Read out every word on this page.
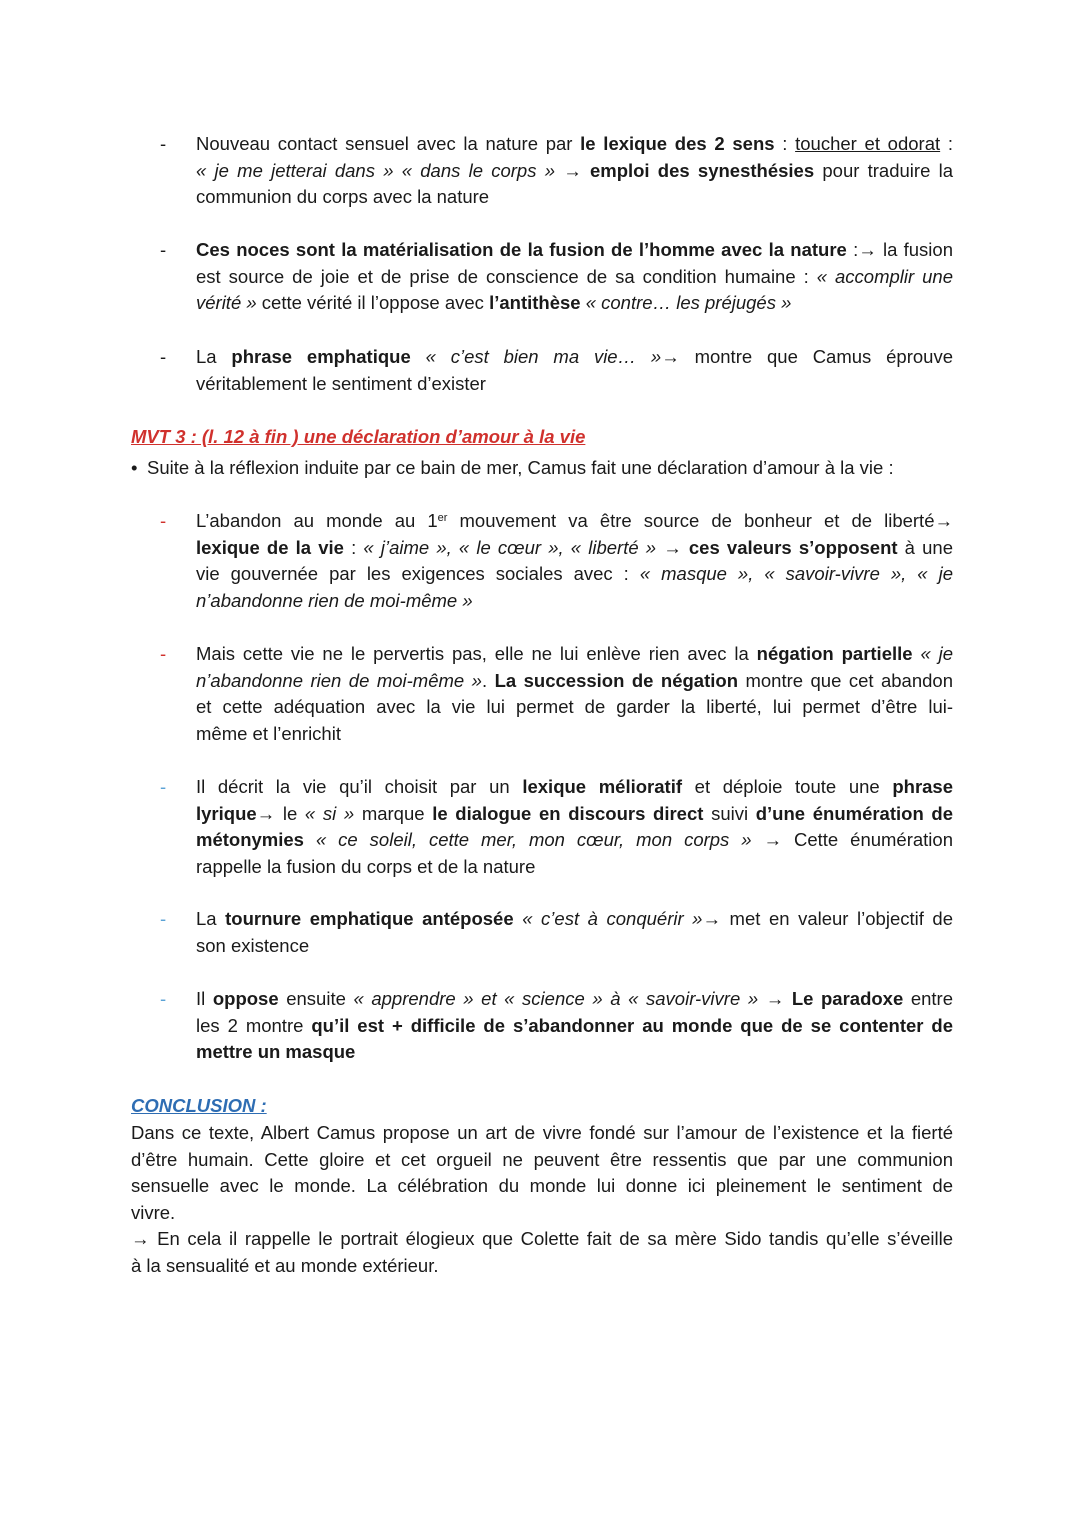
- Nouveau contact sensuel avec la nature par le lexique des 2 sens : toucher et odorat :
« je me jetterai dans » « dans le corps » → emploi des synesthésies pour traduire la
communion du corps avec la nature
- Ces noces sont la matérialisation de la fusion de l’homme avec la nature :→ la fusion
est source de joie et de prise de conscience de sa condition humaine : « accomplir une
vérité » cette vérité il l’oppose avec l’antithèse « contre… les préjugés »
- La phrase emphatique « c’est bien ma vie… »→ montre que Camus éprouve
véritablement le sentiment d’exister
MVT 3 : (l. 12 à fin ) une déclaration d’amour à la vie
• Suite à la réflexion induite par ce bain de mer, Camus fait une déclaration d’amour à la vie :
- L’abandon au monde au 1er mouvement va être source de bonheur et de liberté→
lexique de la vie : « j’aime », « le cœur », « liberté » → ces valeurs s’opposent à une
vie gouvernée par les exigences sociales avec : « masque », « savoir-vivre », « je
n’abandonne rien de moi-même »
- Mais cette vie ne le pervertis pas, elle ne lui enlève rien avec la négation partielle « je
n’abandonne rien de moi-même ». La succession de négation montre que cet abandon
et cette adéquation avec la vie lui permet de garder la liberté, lui permet d’être lui-
même et l’enrichit
- Il décrit la vie qu’il choisit par un lexique mélioratif et déploie toute une phrase
lyrique→ le « si » marque le dialogue en discours direct suivi d’une énumération de
métonymies « ce soleil, cette mer, mon cœur, mon corps » → Cette énumération
rappelle la fusion du corps et de la nature
- La tournure emphatique antéposée « c’est à conquérir »→ met en valeur l’objectif de
son existence
- Il oppose ensuite « apprendre » et « science » à « savoir-vivre » → Le paradoxe entre
les 2 montre qu’il est + difficile de s’abandonner au monde que de se contenter de
mettre un masque
CONCLUSION :
Dans ce texte, Albert Camus propose un art de vivre fondé sur l’amour de l’existence et la fierté
d’être humain. Cette gloire et cet orgueil ne peuvent être ressentis que par une communion
sensuelle avec le monde. La célébration du monde lui donne ici pleinement le sentiment de
vivre.
→ En cela il rappelle le portrait élogieux que Colette fait de sa mère Sido tandis qu’elle s’éveille
à la sensualité et au monde extérieur.
